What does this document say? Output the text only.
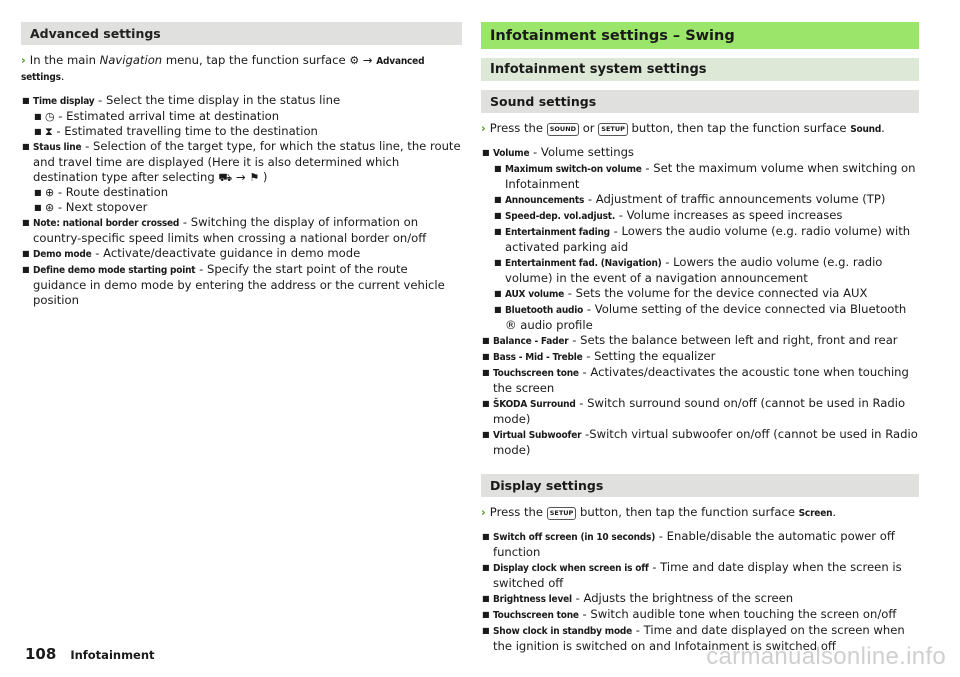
Advanced settings
› In the main Navigation menu, tap the function surface ⚙ → Advanced settings.
■ Time display - Select the time display in the status line
■ ◷ - Estimated arrival time at destination
■ ⧗ - Estimated travelling time to the destination
■ Staus line - Selection of the target type, for which the status line, the route and travel time are displayed (Here it is also determined which destination type after selecting ⛟ → ⚑ )
■ ⊕ - Route destination
■ ⊛ - Next stopover
■ Note: national border crossed - Switching the display of information on country-specific speed limits when crossing a national border on/off
■ Demo mode - Activate/deactivate guidance in demo mode
■ Define demo mode starting point - Specify the start point of the route guidance in demo mode by entering the address or the current vehicle position
Infotainment settings – Swing
Infotainment system settings
Sound settings
› Press the SOUND or SETUP button, then tap the function surface Sound.
■ Volume - Volume settings
■ Maximum switch-on volume - Set the maximum volume when switching on Infotainment
■ Announcements - Adjustment of traffic announcements volume (TP)
■ Speed-dep. vol.adjust. - Volume increases as speed increases
■ Entertainment fading - Lowers the audio volume (e.g. radio volume) with activated parking aid
■ Entertainment fad. (Navigation) - Lowers the audio volume (e.g. radio volume) in the event of a navigation announcement
■ AUX volume - Sets the volume for the device connected via AUX
■ Bluetooth audio - Volume setting of the device connected via Bluetooth ® audio profile
■ Balance - Fader - Sets the balance between left and right, front and rear
■ Bass - Mid - Treble - Setting the equalizer
■ Touchscreen tone - Activates/deactivates the acoustic tone when touching the screen
■ ŠKODA Surround - Switch surround sound on/off (cannot be used in Radio mode)
■ Virtual Subwoofer -Switch virtual subwoofer on/off (cannot be used in Radio mode)
Display settings
› Press the SETUP button, then tap the function surface Screen.
■ Switch off screen (in 10 seconds) - Enable/disable the automatic power off function
■ Display clock when screen is off - Time and date display when the screen is switched off
■ Brightness level - Adjusts the brightness of the screen
■ Touchscreen tone - Switch audible tone when touching the screen on/off
■ Show clock in standby mode - Time and date displayed on the screen when the ignition is switched on and Infotainment is switched off
108 Infotainment	carmanualsonline.info
